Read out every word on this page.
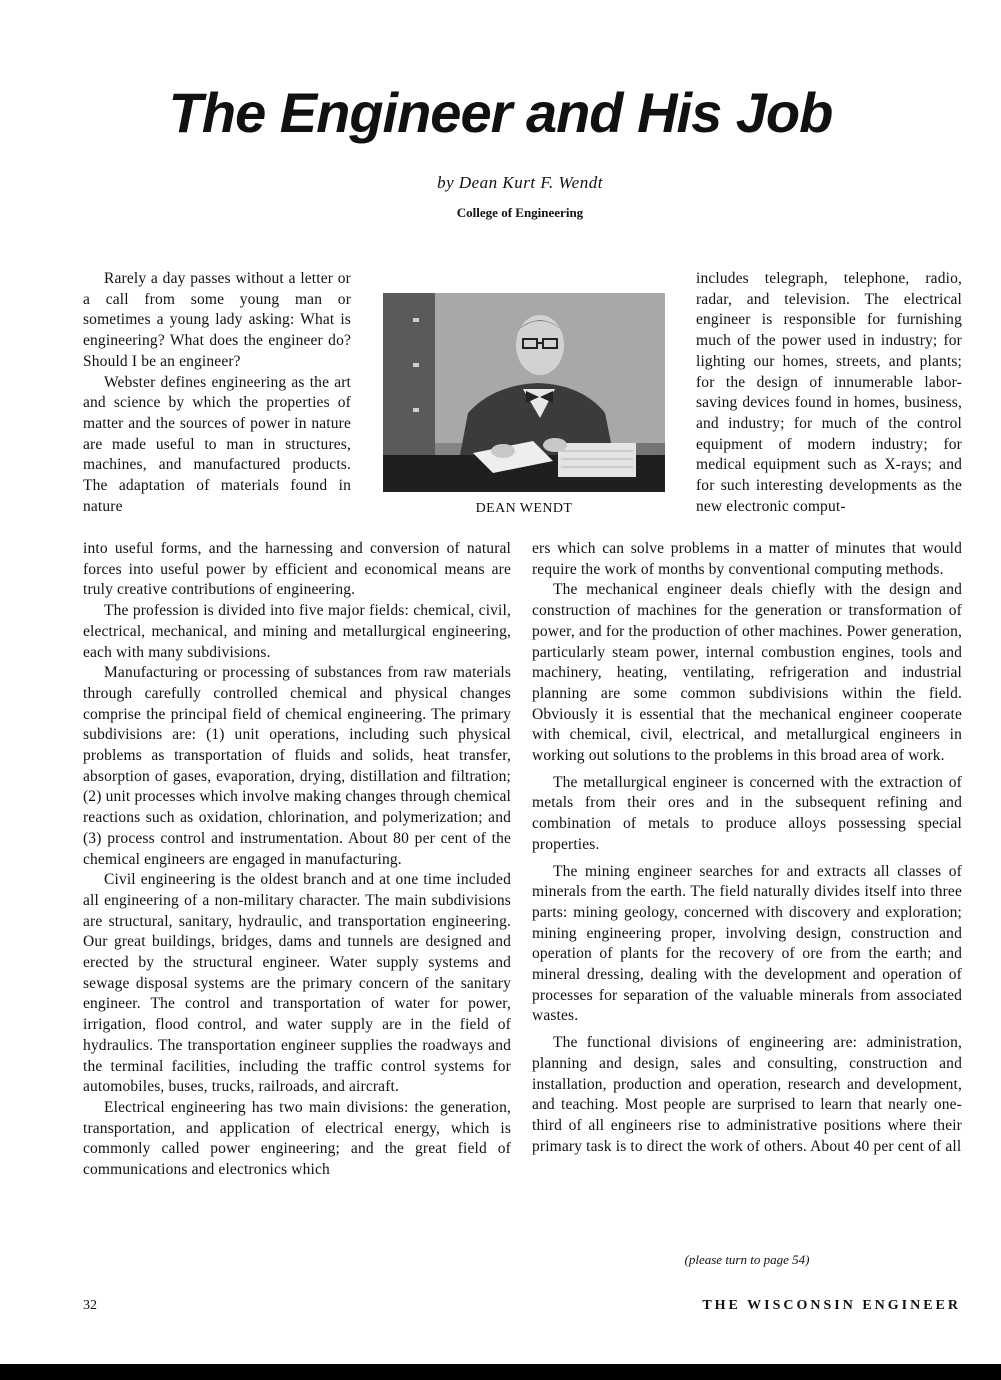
The Engineer and His Job
by Dean Kurt F. Wendt
College of Engineering

Rarely a day passes without a letter or a call from some young man or sometimes a young lady asking: What is engineering? What does the engineer do? Should I be an engineer?

Webster defines engineering as the art and science by which the properties of matter and the sources of power in nature are made useful to man in structures, machines, and manufactured products. The adaptation of materials found in nature	DEAN WENDT

includes telegraph, telephone, radio, radar, and television. The electrical engineer is responsible for furnishing much of the power used in industry; for lighting our homes, streets, and plants; for the design of innumerable labor-saving devices found in homes, business, and industry; for much of the control equipment of modern industry; for medical equipment such as X-rays; and for such interesting developments as the new electronic comput-

into useful forms, and the harnessing and conversion of natural forces into useful power by efficient and economical means are truly creative contributions of engineering.

The profession is divided into five major fields: chemical, civil, electrical, mechanical, and mining and metallurgical engineering, each with many subdivisions.

Manufacturing or processing of substances from raw materials through carefully controlled chemical and physical changes comprise the principal field of chemical engineering. The primary subdivisions are: (1) unit operations, including such physical problems as transportation of fluids and solids, heat transfer, absorption of gases, evaporation, drying, distillation and filtration; (2) unit processes which involve making changes through chemical reactions such as oxidation, chlorination, and polymerization; and (3) process control and instrumentation. About 80 per cent of the chemical engineers are engaged in manufacturing.

Civil engineering is the oldest branch and at one time included all engineering of a non-military character. The main subdivisions are structural, sanitary, hydraulic, and transportation engineering. Our great buildings, bridges, dams and tunnels are designed and erected by the structural engineer. Water supply systems and sewage disposal systems are the primary concern of the sanitary engineer. The control and transportation of water for power, irrigation, flood control, and water supply are in the field of hydraulics. The transportation engineer supplies the roadways and the terminal facilities, including the traffic control systems for automobiles, buses, trucks, railroads, and aircraft.

Electrical engineering has two main divisions: the generation, transportation, and application of electrical energy, which is commonly called power engineering; and the great field of communications and electronics which

ers which can solve problems in a matter of minutes that would require the work of months by conventional computing methods.

The mechanical engineer deals chiefly with the design and construction of machines for the generation or transformation of power, and for the production of other machines. Power generation, particularly steam power, internal combustion engines, tools and machinery, heating, ventilating, refrigeration and industrial planning are some common subdivisions within the field. Obviously it is essential that the mechanical engineer cooperate with chemical, civil, electrical, and metallurgical engineers in working out solutions to the problems in this broad area of work.

The metallurgical engineer is concerned with the extraction of metals from their ores and in the subsequent refining and combination of metals to produce alloys possessing special properties.

The mining engineer searches for and extracts all classes of minerals from the earth. The field naturally divides itself into three parts: mining geology, concerned with discovery and exploration; mining engineering proper, involving design, construction and operation of plants for the recovery of ore from the earth; and mineral dressing, dealing with the development and operation of processes for separation of the valuable minerals from associated wastes.

The functional divisions of engineering are: administration, planning and design, sales and consulting, construction and installation, production and operation, research and development, and teaching. Most people are surprised to learn that nearly one-third of all engineers rise to administrative positions where their primary task is to direct the work of others. About 40 per cent of all

(please turn to page 54)
32	THE WISCONSIN ENGINEER
